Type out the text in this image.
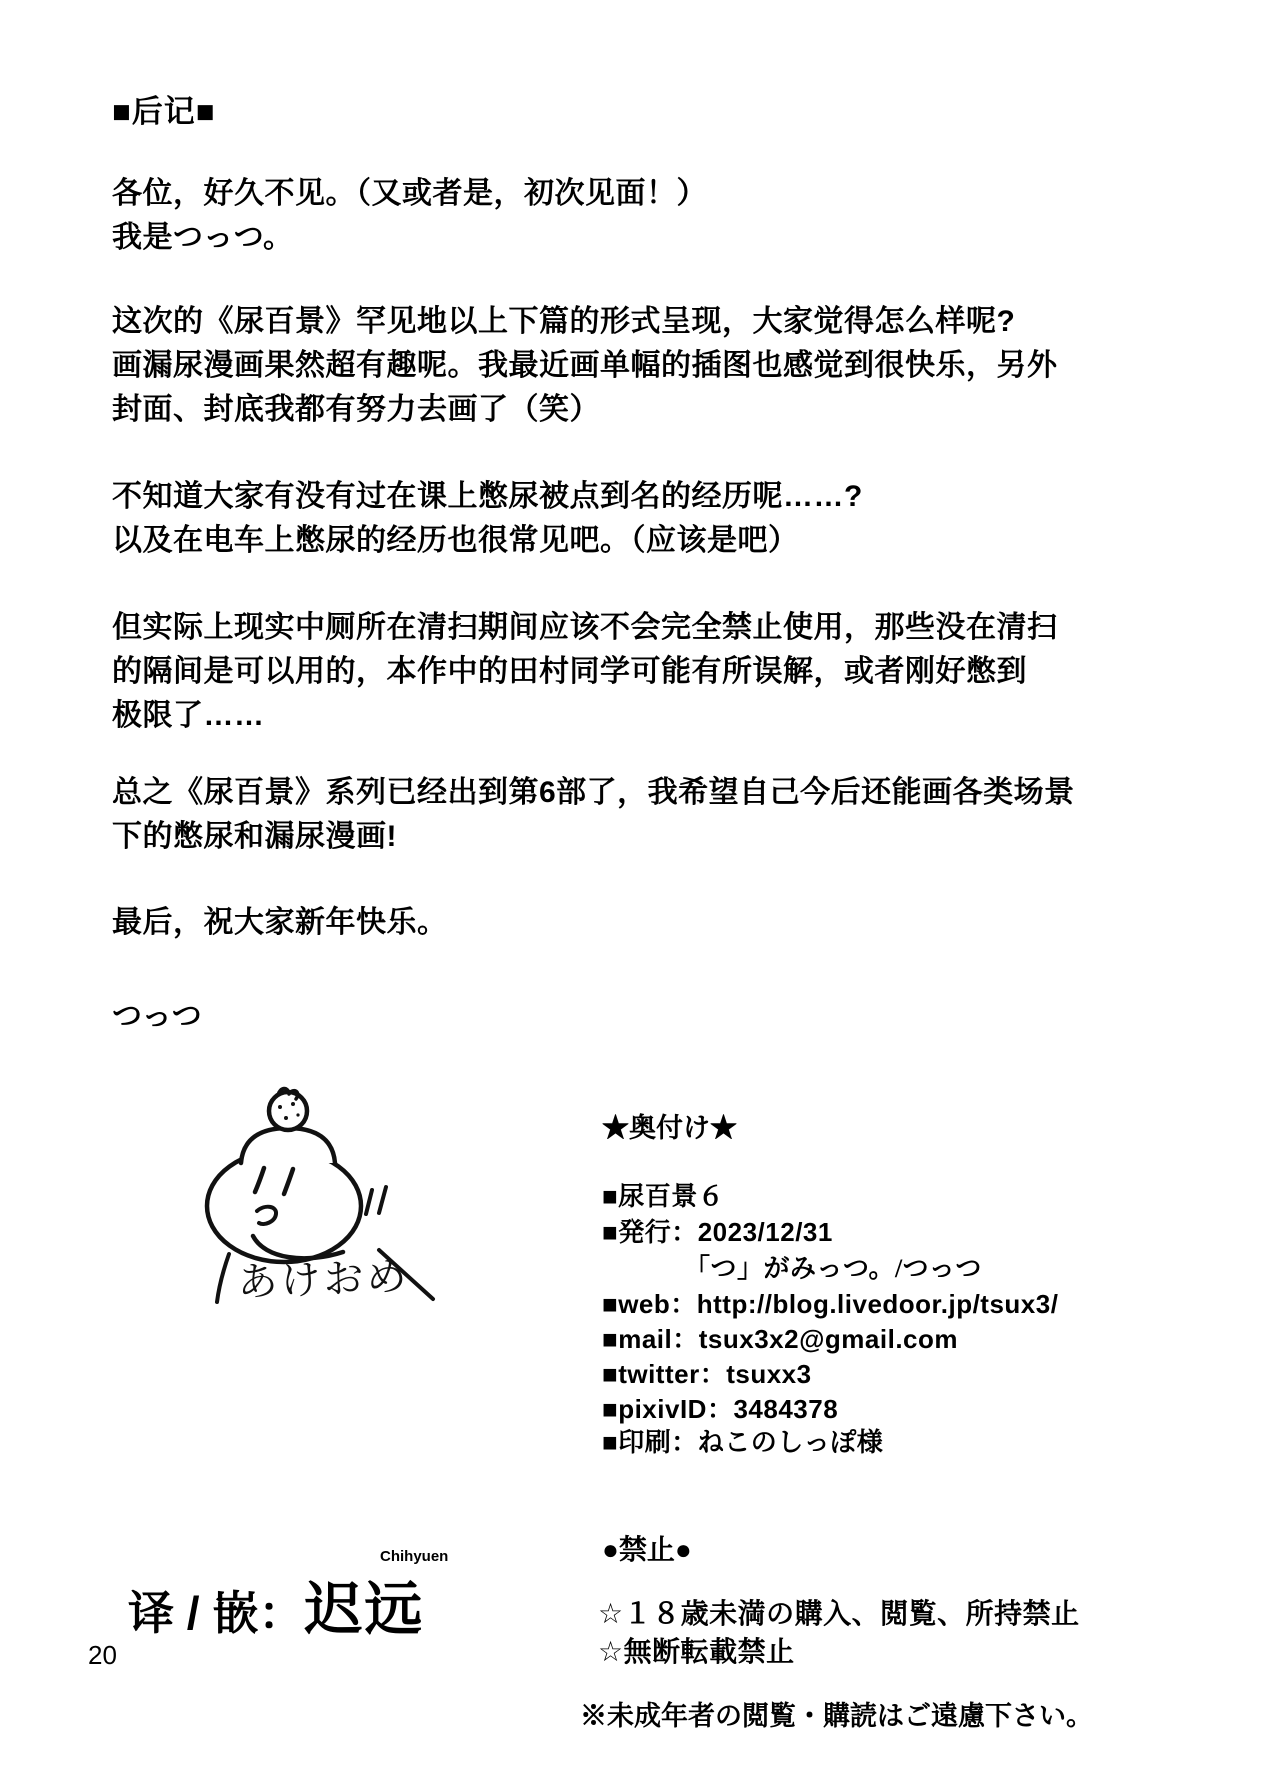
■后记■
各位，好久不见。（又或者是，初次见面！）
我是つっつ。
这次的《尿百景》罕见地以上下篇的形式呈现，大家觉得怎么样呢?
画漏尿漫画果然超有趣呢。我最近画单幅的插图也感觉到很快乐，另外
封面、封底我都有努力去画了（笑）
不知道大家有没有过在课上憋尿被点到名的经历呢……?
以及在电车上憋尿的经历也很常见吧。（应该是吧）
但实际上现实中厕所在清扫期间应该不会完全禁止使用，那些没在清扫
的隔间是可以用的，本作中的田村同学可能有所误解，或者刚好憋到
极限了……
总之《尿百景》系列已经出到第6部了，我希望自己今后还能画各类场景
下的憋尿和漏尿漫画!
最后，祝大家新年快乐。
つっつ
あけおめ
★奥付け★
■尿百景６
■発行：2023/12/31
「つ」がみっつ。/つっつ
■web：http://blog.livedoor.jp/tsux3/
■mail：tsux3x2@gmail.com
■twitter：tsuxx3
■pixivID：3484378
■印刷：ねこのしっぽ様
●禁止●
☆１８歳未満の購入、閲覧、所持禁止
☆無断転載禁止
※未成年者の閲覧・購読はご遠慮下さい。
Chihyuen
译 / 嵌：迟远
20
